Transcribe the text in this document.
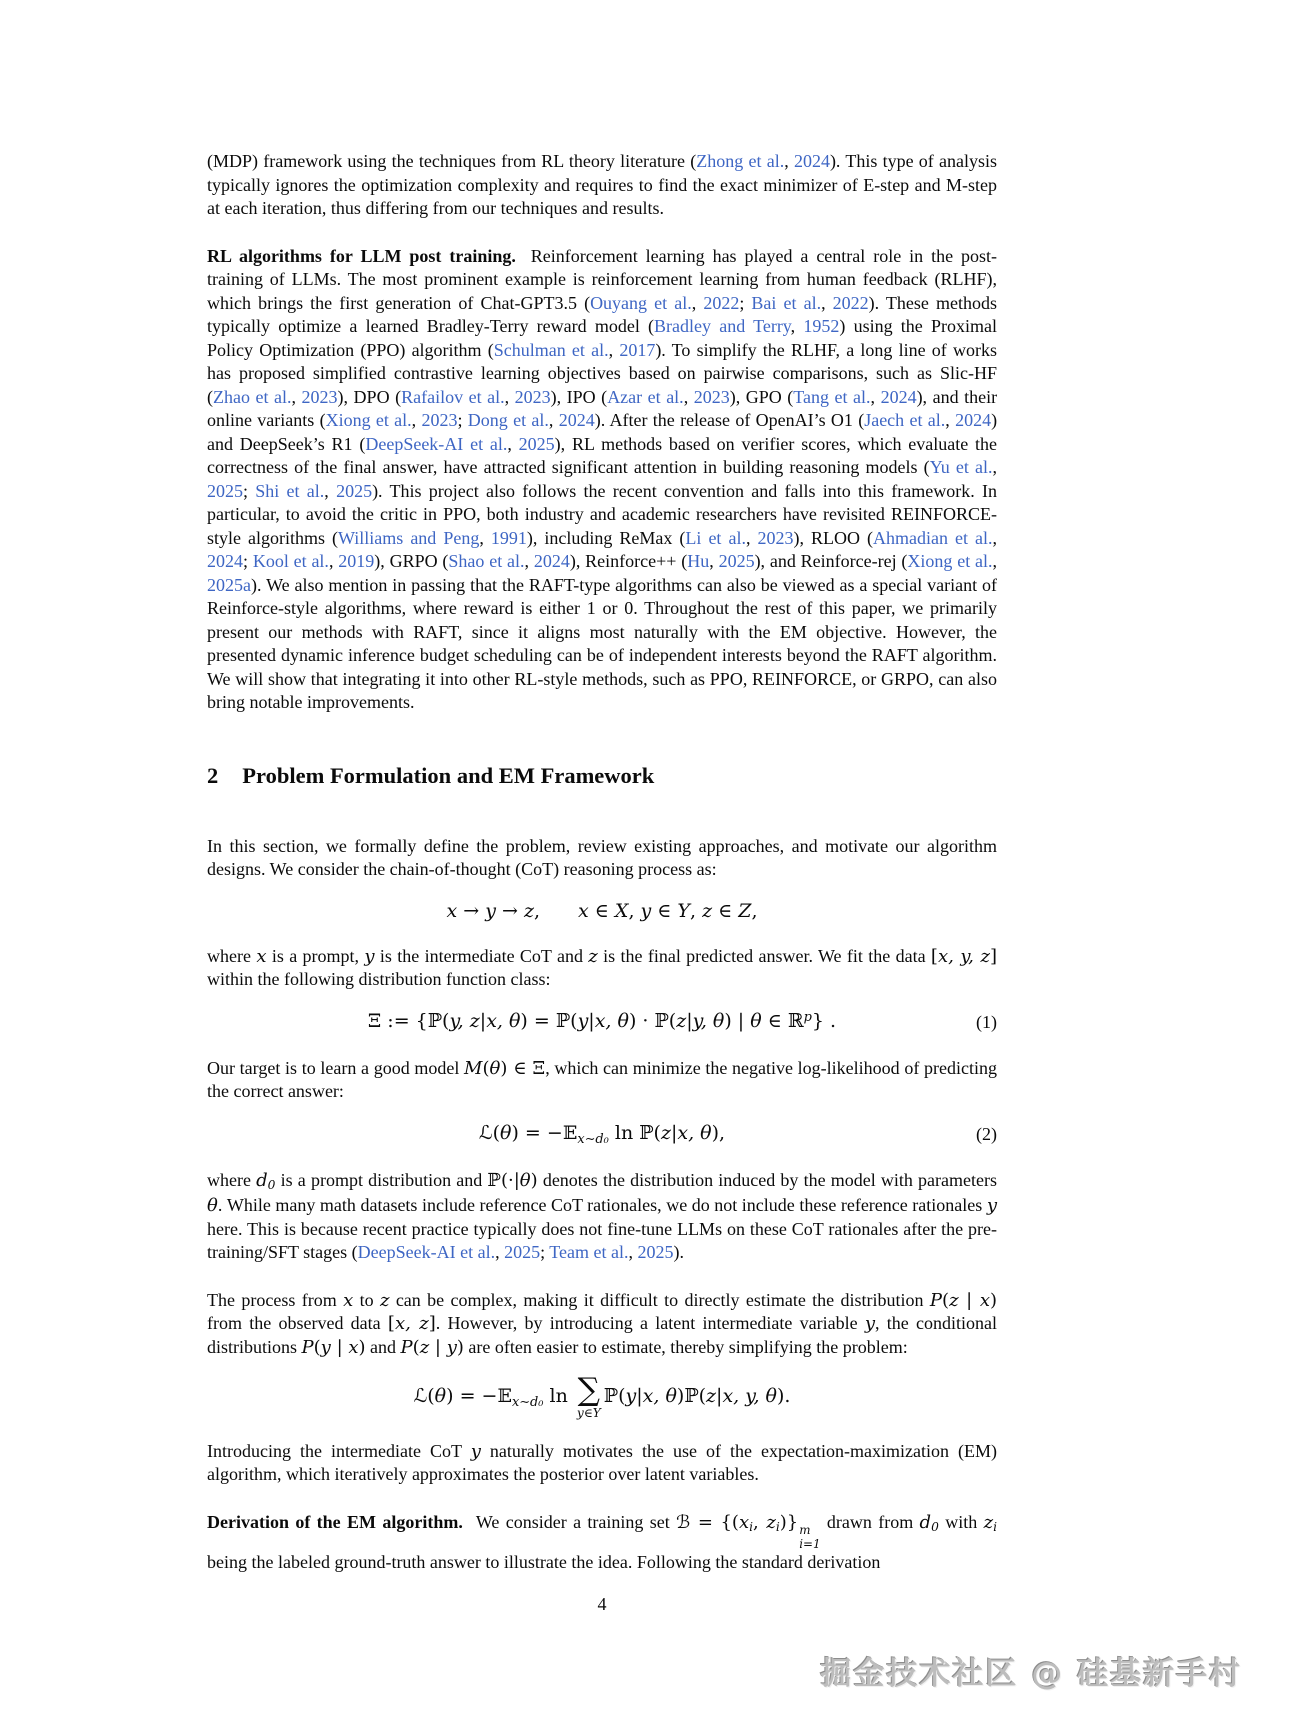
(MDP) framework using the techniques from RL theory literature (Zhong et al., 2024). This type of analysis typically ignores the optimization complexity and requires to find the exact minimizer of E-step and M-step at each iteration, thus differing from our techniques and results.

RL algorithms for LLM post training. Reinforcement learning has played a central role in the post-training of LLMs. The most prominent example is reinforcement learning from human feedback (RLHF), which brings the first generation of Chat-GPT3.5 (Ouyang et al., 2022; Bai et al., 2022). These methods typically optimize a learned Bradley-Terry reward model (Bradley and Terry, 1952) using the Proximal Policy Optimization (PPO) algorithm (Schulman et al., 2017). To simplify the RLHF, a long line of works has proposed simplified contrastive learning objectives based on pairwise comparisons, such as Slic-HF (Zhao et al., 2023), DPO (Rafailov et al., 2023), IPO (Azar et al., 2023), GPO (Tang et al., 2024), and their online variants (Xiong et al., 2023; Dong et al., 2024). After the release of OpenAI’s O1 (Jaech et al., 2024) and DeepSeek’s R1 (DeepSeek-AI et al., 2025), RL methods based on verifier scores, which evaluate the correctness of the final answer, have attracted significant attention in building reasoning models (Yu et al., 2025; Shi et al., 2025). This project also follows the recent convention and falls into this framework. In particular, to avoid the critic in PPO, both industry and academic researchers have revisited REINFORCE-style algorithms (Williams and Peng, 1991), including ReMax (Li et al., 2023), RLOO (Ahmadian et al., 2024; Kool et al., 2019), GRPO (Shao et al., 2024), Reinforce++ (Hu, 2025), and Reinforce-rej (Xiong et al., 2025a). We also mention in passing that the RAFT-type algorithms can also be viewed as a special variant of Reinforce-style algorithms, where reward is either 1 or 0. Throughout the rest of this paper, we primarily present our methods with RAFT, since it aligns most naturally with the EM objective. However, the presented dynamic inference budget scheduling can be of independent interests beyond the RAFT algorithm. We will show that integrating it into other RL-style methods, such as PPO, REINFORCE, or GRPO, can also bring notable improvements.

2 Problem Formulation and EM Framework

In this section, we formally define the problem, review existing approaches, and motivate our algorithm designs. We consider the chain-of-thought (CoT) reasoning process as:

x → y → z,  x ∈ X, y ∈ Y, z ∈ Z,

where x is a prompt, y is the intermediate CoT and z is the final predicted answer. We fit the data [x, y, z] within the following distribution function class:

Ξ := {ℙ(y, z|x, θ) = ℙ(y|x, θ) · ℙ(z|y, θ) | θ ∈ ℝ$^p$} .	(1)

Our target is to learn a good model M(θ) ∈ Ξ, which can minimize the negative log-likelihood of predicting the correct answer:

ℒ(θ) = −𝔼$_{x\sim d_0}$ ln ℙ(z|x, θ),	(2)

where $d_0$ is a prompt distribution and ℙ(·|θ) denotes the distribution induced by the model with parameters θ. While many math datasets include reference CoT rationales, we do not include these reference rationales y here. This is because recent practice typically does not fine-tune LLMs on these CoT rationales after the pre-training/SFT stages (DeepSeek-AI et al., 2025; Team et al., 2025).

The process from x to z can be complex, making it difficult to directly estimate the distribution P(z | x) from the observed data [x, z]. However, by introducing a latent intermediate variable y, the conditional distributions P(y | x) and P(z | y) are often easier to estimate, thereby simplifying the problem:

ℒ(θ) = −𝔼$_{x\sim d_0}$ ln ∑
y∈Y
ℙ(y|x, θ)ℙ(z|x, y, θ).

Introducing the intermediate CoT y naturally motivates the use of the expectation-maximization (EM) algorithm, which iteratively approximates the posterior over latent variables.

Derivation of the EM algorithm. We consider a training set ℬ = {($x_i$, $z_i$)} m
i=1
drawn from $d_0$ with $z_i$ being the labeled ground-truth answer to illustrate the idea. Following the standard derivation

4
掘金技术社区 @ 硅基新手村
